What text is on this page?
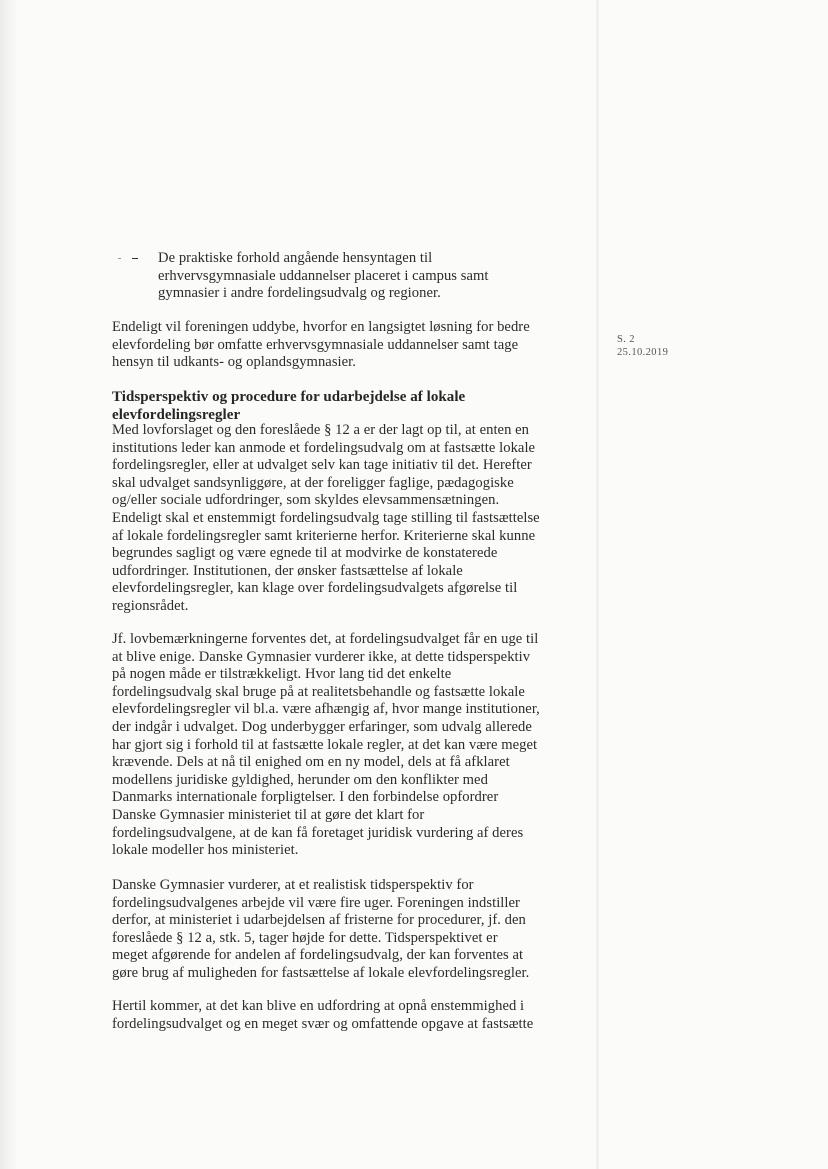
De praktiske forhold angående hensyntagen til
erhvervsgymnasiale uddannelser placeret i campus samt
gymnasier i andre fordelingsudvalg og regioner.
Endeligt vil foreningen uddybe, hvorfor en langsigtet løsning for bedre
elevfordeling bør omfatte erhvervsgymnasiale uddannelser samt tage
hensyn til udkants- og oplandsgymnasier.
Tidsperspektiv og procedure for udarbejdelse af lokale
elevfordelingsregler
Med lovforslaget og den foreslåede § 12 a er der lagt op til, at enten en
institutions leder kan anmode et fordelingsudvalg om at fastsætte lokale
fordelingsregler, eller at udvalget selv kan tage initiativ til det. Herefter
skal udvalget sandsynliggøre, at der foreligger faglige, pædagogiske
og/eller sociale udfordringer, som skyldes elevsammensætningen.
Endeligt skal et enstemmigt fordelingsudvalg tage stilling til fastsættelse
af lokale fordelingsregler samt kriterierne herfor. Kriterierne skal kunne
begrundes sagligt og være egnede til at modvirke de konstaterede
udfordringer. Institutionen, der ønsker fastsættelse af lokale
elevfordelingsregler, kan klage over fordelingsudvalgets afgørelse til
regionsrådet.
Jf. lovbemærkningerne forventes det, at fordelingsudvalget får en uge til
at blive enige. Danske Gymnasier vurderer ikke, at dette tidsperspektiv
på nogen måde er tilstrækkeligt. Hvor lang tid det enkelte
fordelingsudvalg skal bruge på at realitetsbehandle og fastsætte lokale
elevfordelingsregler vil bl.a. være afhængig af, hvor mange institutioner,
der indgår i udvalget. Dog underbygger erfaringer, som udvalg allerede
har gjort sig i forhold til at fastsætte lokale regler, at det kan være meget
krævende. Dels at nå til enighed om en ny model, dels at få afklaret
modellens juridiske gyldighed, herunder om den konflikter med
Danmarks internationale forpligtelser. I den forbindelse opfordrer
Danske Gymnasier ministeriet til at gøre det klart for
fordelingsudvalgene, at de kan få foretaget juridisk vurdering af deres
lokale modeller hos ministeriet.
Danske Gymnasier vurderer, at et realistisk tidsperspektiv for
fordelingsudvalgenes arbejde vil være fire uger. Foreningen indstiller
derfor, at ministeriet i udarbejdelsen af fristerne for procedurer, jf. den
foreslåede § 12 a, stk. 5, tager højde for dette. Tidsperspektivet er
meget afgørende for andelen af fordelingsudvalg, der kan forventes at
gøre brug af muligheden for fastsættelse af lokale elevfordelingsregler.
Hertil kommer, at det kan blive en udfordring at opnå enstemmighed i
fordelingsudvalget og en meget svær og omfattende opgave at fastsætte
S. 2
25.10.2019
